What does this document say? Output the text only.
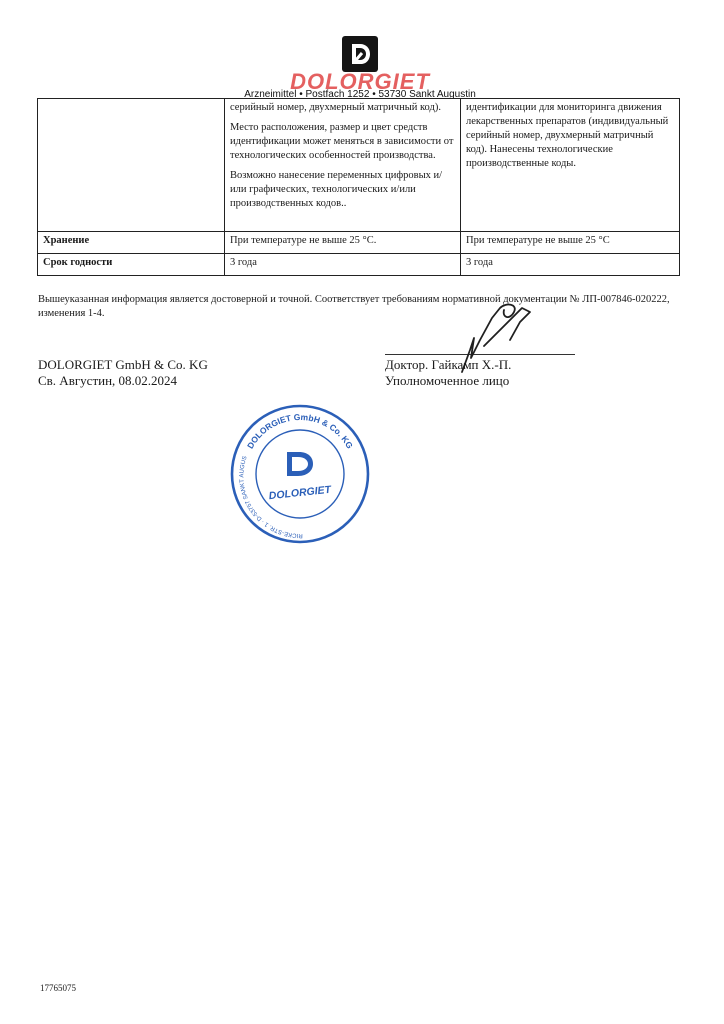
DOLORGIET
Arzneimittel • Postfach 1252 • 53730 Sankt Augustin

	серийный номер, двухмерный матричный код).

Место расположения, размер и цвет средств идентификации может меняться в зависимости от технологических особенностей производства.

Возможно нанесение переменных цифровых и/или графических, технологических и/или производственных кодов..	идентификации для мониторинга движения лекарственных препаратов (индивидуальный серийный номер, двухмерный матричный код). Нанесены технологические производственные коды.

Хранение	При температуре не выше 25 °C.	При температуре не выше 25 °C
Срок годности	3 года	3 года
Вышеуказанная информация является достоверной и точной. Соответствует требованиям нормативной документации № ЛП-007846-020222, изменения 1-4.
DOLORGIET GmbH & Co. KG
Св. Августин, 08.02.2024
Доктор. Гайкамп Х.-П.
Уполномоченное лицо
DOLORGIET GmbH & Co. KG
OTTO-VON-GUERICKE-STR. 1 · D-53757 SANKT AUGUSTIN
DOLORGIET
17765075
